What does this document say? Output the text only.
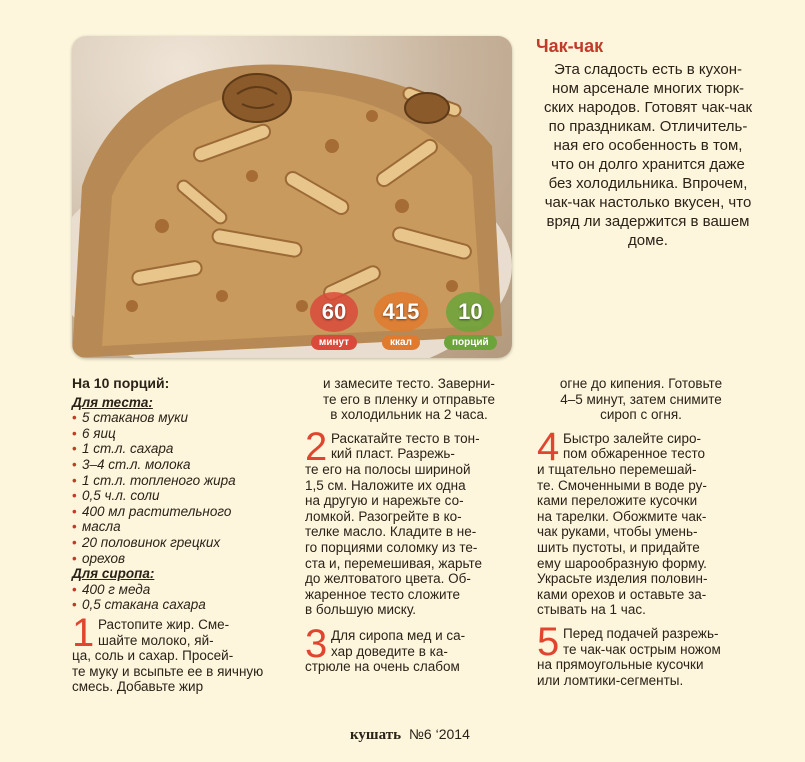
60
минут
415
ккал
10
порций
Чак-чак
Эта сладость есть в кухон-
ном арсенале многих тюрк-
ских народов. Готовят чак-чак
по праздникам. Отличитель-
ная его особенность в том,
что он долго хранится даже
без холодильника. Впрочем,
чак-чак настолько вкусен, что
вряд ли задержится в вашем
доме.
На 10 порций:
Для теста:
• 5 стаканов муки
• 6 яиц
• 1 ст.л. сахара
• 3–4 ст.л. молока
• 1 ст.л. топленого жира
• 0,5 ч.л. соли
• 400 мл растительного
• масла
• 20 половинок грецких
• орехов
Для сиропа:
• 400 г меда
• 0,5 стакана сахара
1 Растопите жир. Сме-
шайте молоко, яй-
ца, соль и сахар. Просей-
те муку и всыпьте ее в яичную
смесь. Добавьте жир
и замесите тесто. Заверни-
те его в пленку и отправьте
в холодильник на 2 часа.
2 Раскатайте тесто в тон-
кий пласт. Разрежь-
те его на полосы шириной
1,5 см. Наложите их одна
на другую и нарежьте со-
ломкой. Разогрейте в ко-
телке масло. Кладите в не-
го порциями соломку из те-
ста и, перемешивая, жарьте
до желтоватого цвета. Об-
жаренное тесто сложите
в большую миску.
3 Для сиропа мед и са-
хар доведите в ка-
стрюле на очень слабом
огне до кипения. Готовьте
4–5 минут, затем снимите
сироп с огня.
4 Быстро залейте сиро-
пом обжаренное тесто
и тщательно перемешай-
те. Смоченными в воде ру-
ками переложите кусочки
на тарелки. Обожмите чак-
чак руками, чтобы умень-
шить пустоты, и придайте
ему шарообразную форму.
Украсьте изделия половин-
ками орехов и оставьте за-
стывать на 1 час.
5 Перед подачей разрежь-
те чак-чак острым ножом
на прямоугольные кусочки
или ломтики-сегменты.
кушать №6 ‘2014
